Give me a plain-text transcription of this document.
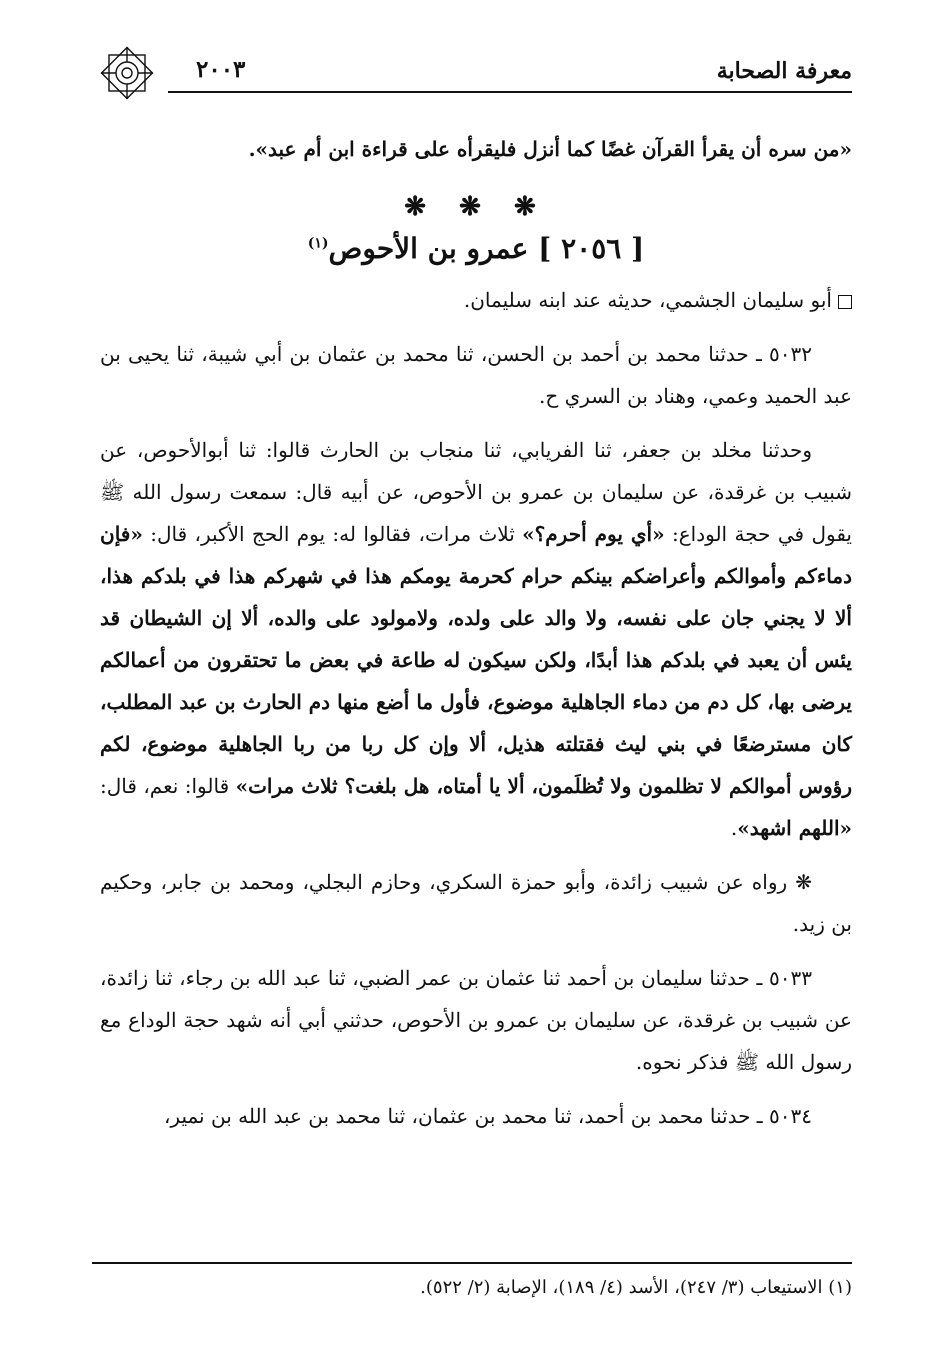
معرفة الصحابة
٢٠٠٣

«من سره أن يقرأ القرآن غضًا كما أنزل فليقرأه على قراءة ابن أم عبد».

❋ ❋ ❋
[ ٢٠٥٦ ] عمرو بن الأحوص$^{(١)}$

أبو سليمان الجشمي، حديثه عند ابنه سليمان.

٥٠٣٢ ـ حدثنا محمد بن أحمد بن الحسن، ثنا محمد بن عثمان بن أبي شيبة، ثنا يحيى بن عبد الحميد وعمي، وهناد بن السري ح.

وحدثنا مخلد بن جعفر، ثنا الفريابي، ثنا منجاب بن الحارث قالوا: ثنا أبوالأحوص، عن شبيب بن غرقدة، عن سليمان بن عمرو بن الأحوص، عن أبيه قال: سمعت رسول الله ﷺ يقول في حجة الوداع: «أي يوم أحرم؟» ثلاث مرات، فقالوا له: يوم الحج الأكبر، قال: «فإن دماءكم وأموالكم وأعراضكم بينكم حرام كحرمة يومكم هذا في شهركم هذا في بلدكم هذا، ألا لا يجني جان على نفسه، ولا والد على ولده، ولامولود على والده، ألا إن الشيطان قد يئس أن يعبد في بلدكم هذا أبدًا، ولكن سيكون له طاعة في بعض ما تحتقرون من أعمالكم يرضى بها، كل دم من دماء الجاهلية موضوع، فأول ما أضع منها دم الحارث بن عبد المطلب، كان مسترضعًا في بني ليث فقتلته هذيل، ألا وإن كل ربا من ربا الجاهلية موضوع، لكم رؤوس أموالكم لا تظلمون ولا تُظلَمون، ألا يا أمتاه، هل بلغت؟ ثلاث مرات» قالوا: نعم، قال: «اللهم اشهد».

❋ رواه عن شبيب زائدة، وأبو حمزة السكري، وحازم البجلي، ومحمد بن جابر، وحكيم بن زيد.

٥٠٣٣ ـ حدثنا سليمان بن أحمد ثنا عثمان بن عمر الضبي، ثنا عبد الله بن رجاء، ثنا زائدة، عن شبيب بن غرقدة، عن سليمان بن عمرو بن الأحوص، حدثني أبي أنه شهد حجة الوداع مع رسول الله ﷺ فذكر نحوه.

٥٠٣٤ ـ حدثنا محمد بن أحمد، ثنا محمد بن عثمان، ثنا محمد بن عبد الله بن نمير،

(١) الاستيعاب (٣/ ٢٤٧)، الأسد (٤/ ١٨٩)، الإصابة (٢/ ٥٢٢).
